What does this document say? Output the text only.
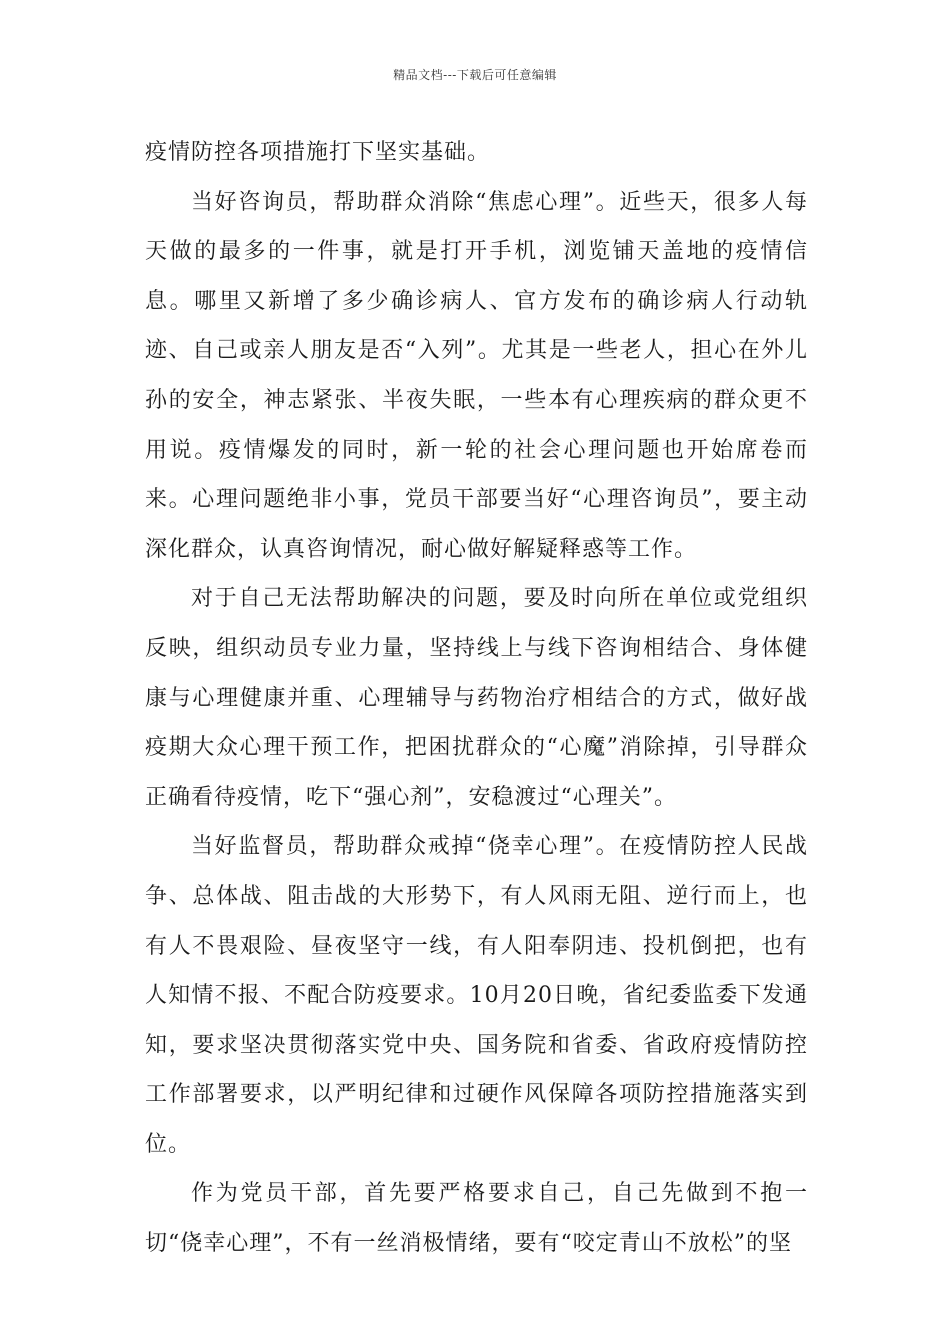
精品文档---下载后可任意编辑

疫情防控各项措施打下坚实基础。

当好咨询员，帮助群众消除“焦虑心理”。近些天，很多人每天做的最多的一件事，就是打开手机，浏览铺天盖地的疫情信息。哪里又新增了多少确诊病人、官方发布的确诊病人行动轨迹、自己或亲人朋友是否“入列”。尤其是一些老人，担心在外儿孙的安全，神志紧张、半夜失眠，一些本有心理疾病的群众更不用说。疫情爆发的同时，新一轮的社会心理问题也开始席卷而来。心理问题绝非小事，党员干部要当好“心理咨询员”，要主动深化群众，认真咨询情况，耐心做好解疑释惑等工作。

对于自己无法帮助解决的问题，要及时向所在单位或党组织反映，组织动员专业力量，坚持线上与线下咨询相结合、身体健康与心理健康并重、心理辅导与药物治疗相结合的方式，做好战疫期大众心理干预工作，把困扰群众的“心魔”消除掉，引导群众正确看待疫情，吃下“强心剂”，安稳渡过“心理关”。

当好监督员，帮助群众戒掉“侥幸心理”。在疫情防控人民战争、总体战、阻击战的大形势下，有人风雨无阻、逆行而上，也有人不畏艰险、昼夜坚守一线，有人阳奉阴违、投机倒把，也有人知情不报、不配合防疫要求。10月20日晚，省纪委监委下发通知，要求坚决贯彻落实党中央、国务院和省委、省政府疫情防控工作部署要求，以严明纪律和过硬作风保障各项防控措施落实到位。

作为党员干部，首先要严格要求自己，自己先做到不抱一切“侥幸心理”，不有一丝消极情绪，要有“咬定青山不放松”的坚
